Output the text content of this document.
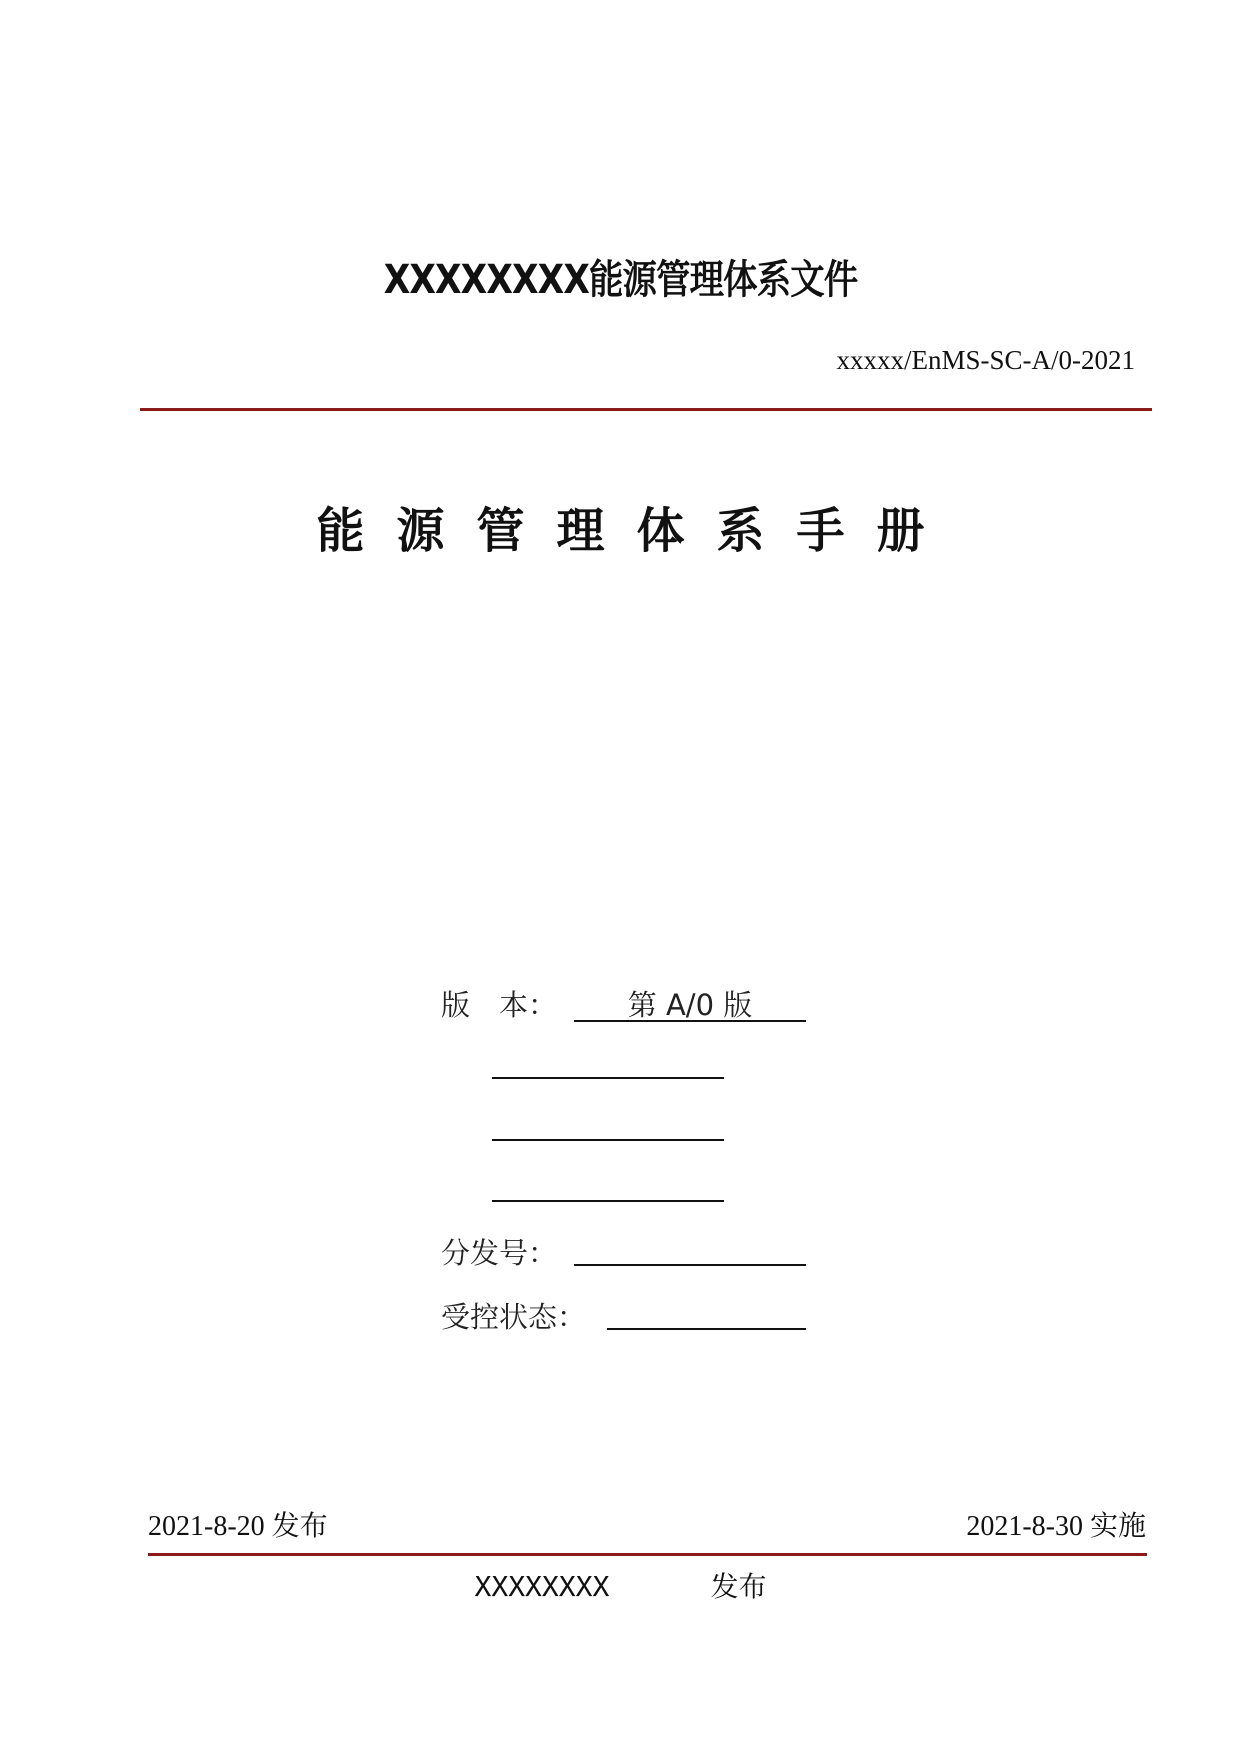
XXXXXXXX能源管理体系文件
xxxxx/EnMS-SC-A/0-2021
能源管理体系手册
版　本：	第 A/0 版
分发号：
受控状态：
2021-8-20 发布	2021-8-30 实施
XXXXXXXX	发布
